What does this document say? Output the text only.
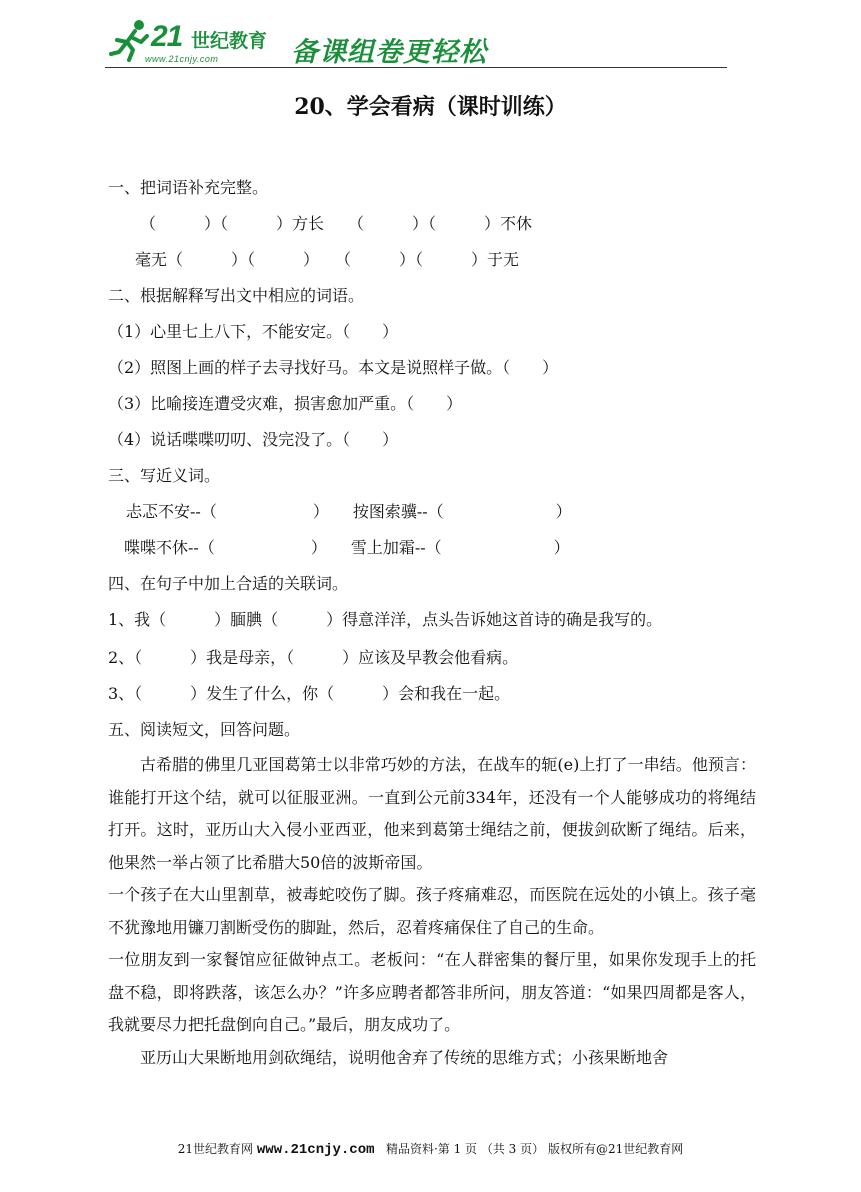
21 世纪教育
www.21cnjy.com	备课组卷更轻松
20、学会看病（课时训练）
一、把词语补充完整。
（　　　）（　　　）方长　　（　　　）（　　　）不休
毫无（　　　）（　　　）　　（　　　）（　　　）于无
二、根据解释写出文中相应的词语。
（1）心里七上八下，不能安定。（　　）
（2）照图上画的样子去寻找好马。本文是说照样子做。（　　）
（3）比喻接连遭受灾难，损害愈加严重。（　　）
（4）说话喋喋叨叨、没完没了。（　　）
三、写近义词。
忐忑不安--（　　　　　　）　　按图索骥--（　　　　　　　）
喋喋不休--（　　　　　　）　　雪上加霜--（　　　　　　　）
四、在句子中加上合适的关联词。
1、我（　　　）腼腆（　　　）得意洋洋，点头告诉她这首诗的确是我写的。
2、（　　　）我是母亲，（　　　）应该及早教会他看病。
3、（　　　）发生了什么，你（　　　）会和我在一起。
五、阅读短文，回答问题。

古希腊的佛里几亚国葛第士以非常巧妙的方法，在战车的轭(e)上打了一串结。他预言：谁能打开这个结，就可以征服亚洲。一直到公元前334年，还没有一个人能够成功的将绳结打开。这时，亚历山大入侵小亚西亚，他来到葛第士绳结之前，便拔剑砍断了绳结。后来，他果然一举占领了比希腊大50倍的波斯帝国。

一个孩子在大山里割草，被毒蛇咬伤了脚。孩子疼痛难忍，而医院在远处的小镇上。孩子毫不犹豫地用镰刀割断受伤的脚趾，然后，忍着疼痛保住了自己的生命。

一位朋友到一家餐馆应征做钟点工。老板问：“在人群密集的餐厅里，如果你发现手上的托盘不稳，即将跌落，该怎么办？”许多应聘者都答非所问，朋友答道：“如果四周都是客人，我就要尽力把托盘倒向自己。”最后，朋友成功了。

亚历山大果断地用剑砍绳结，说明他舍弃了传统的思维方式；小孩果断地舍

21世纪教育网 www.21cnjy.com 精品资料·第 1 页 （共 3 页） 版权所有@21世纪教育网
